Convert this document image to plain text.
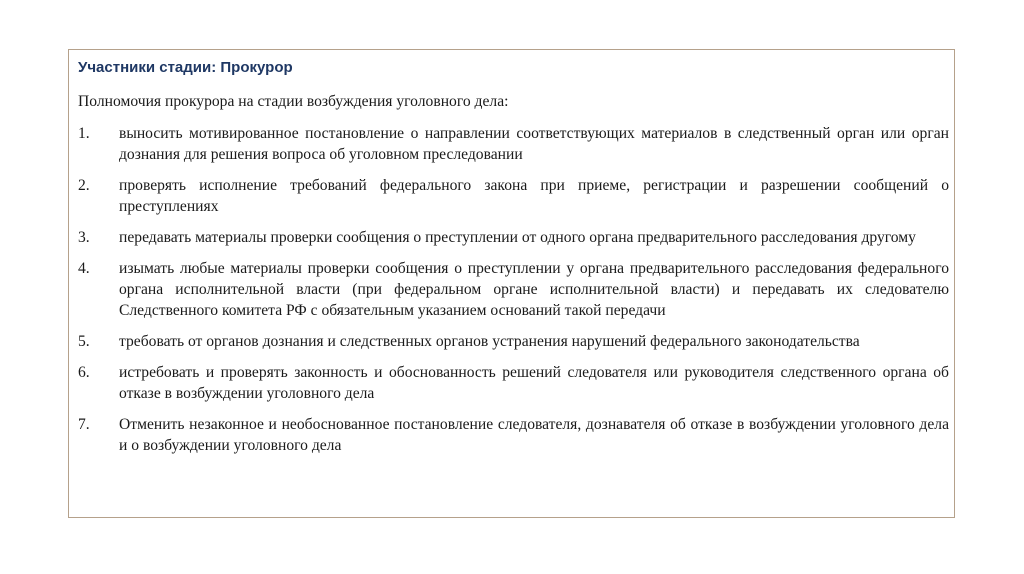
Участники стадии: Прокурор
Полномочия прокурора на стадии возбуждения уголовного дела:
1.	выносить мотивированное постановление о направлении соответствующих материалов в следственный орган или орган дознания для решения вопроса об уголовном преследовании
2.	проверять исполнение требований федерального закона при приеме, регистрации и разрешении сообщений о преступлениях
3.	передавать материалы проверки сообщения о преступлении от одного органа предварительного расследования другому
4.	изымать любые материалы проверки сообщения о преступлении у органа предварительного расследования федерального органа исполнительной власти (при федеральном органе исполнительной власти) и передавать их следователю Следственного комитета РФ с обязательным указанием оснований такой передачи
5.	требовать от органов дознания и следственных органов устранения нарушений федерального законодательства
6.	истребовать и проверять законность и обоснованность решений следователя или руководителя следственного органа об отказе в возбуждении уголовного дела
7.	Отменить незаконное и необоснованное постановление следователя, дознавателя об отказе в возбуждении уголовного дела и о возбуждении уголовного дела
